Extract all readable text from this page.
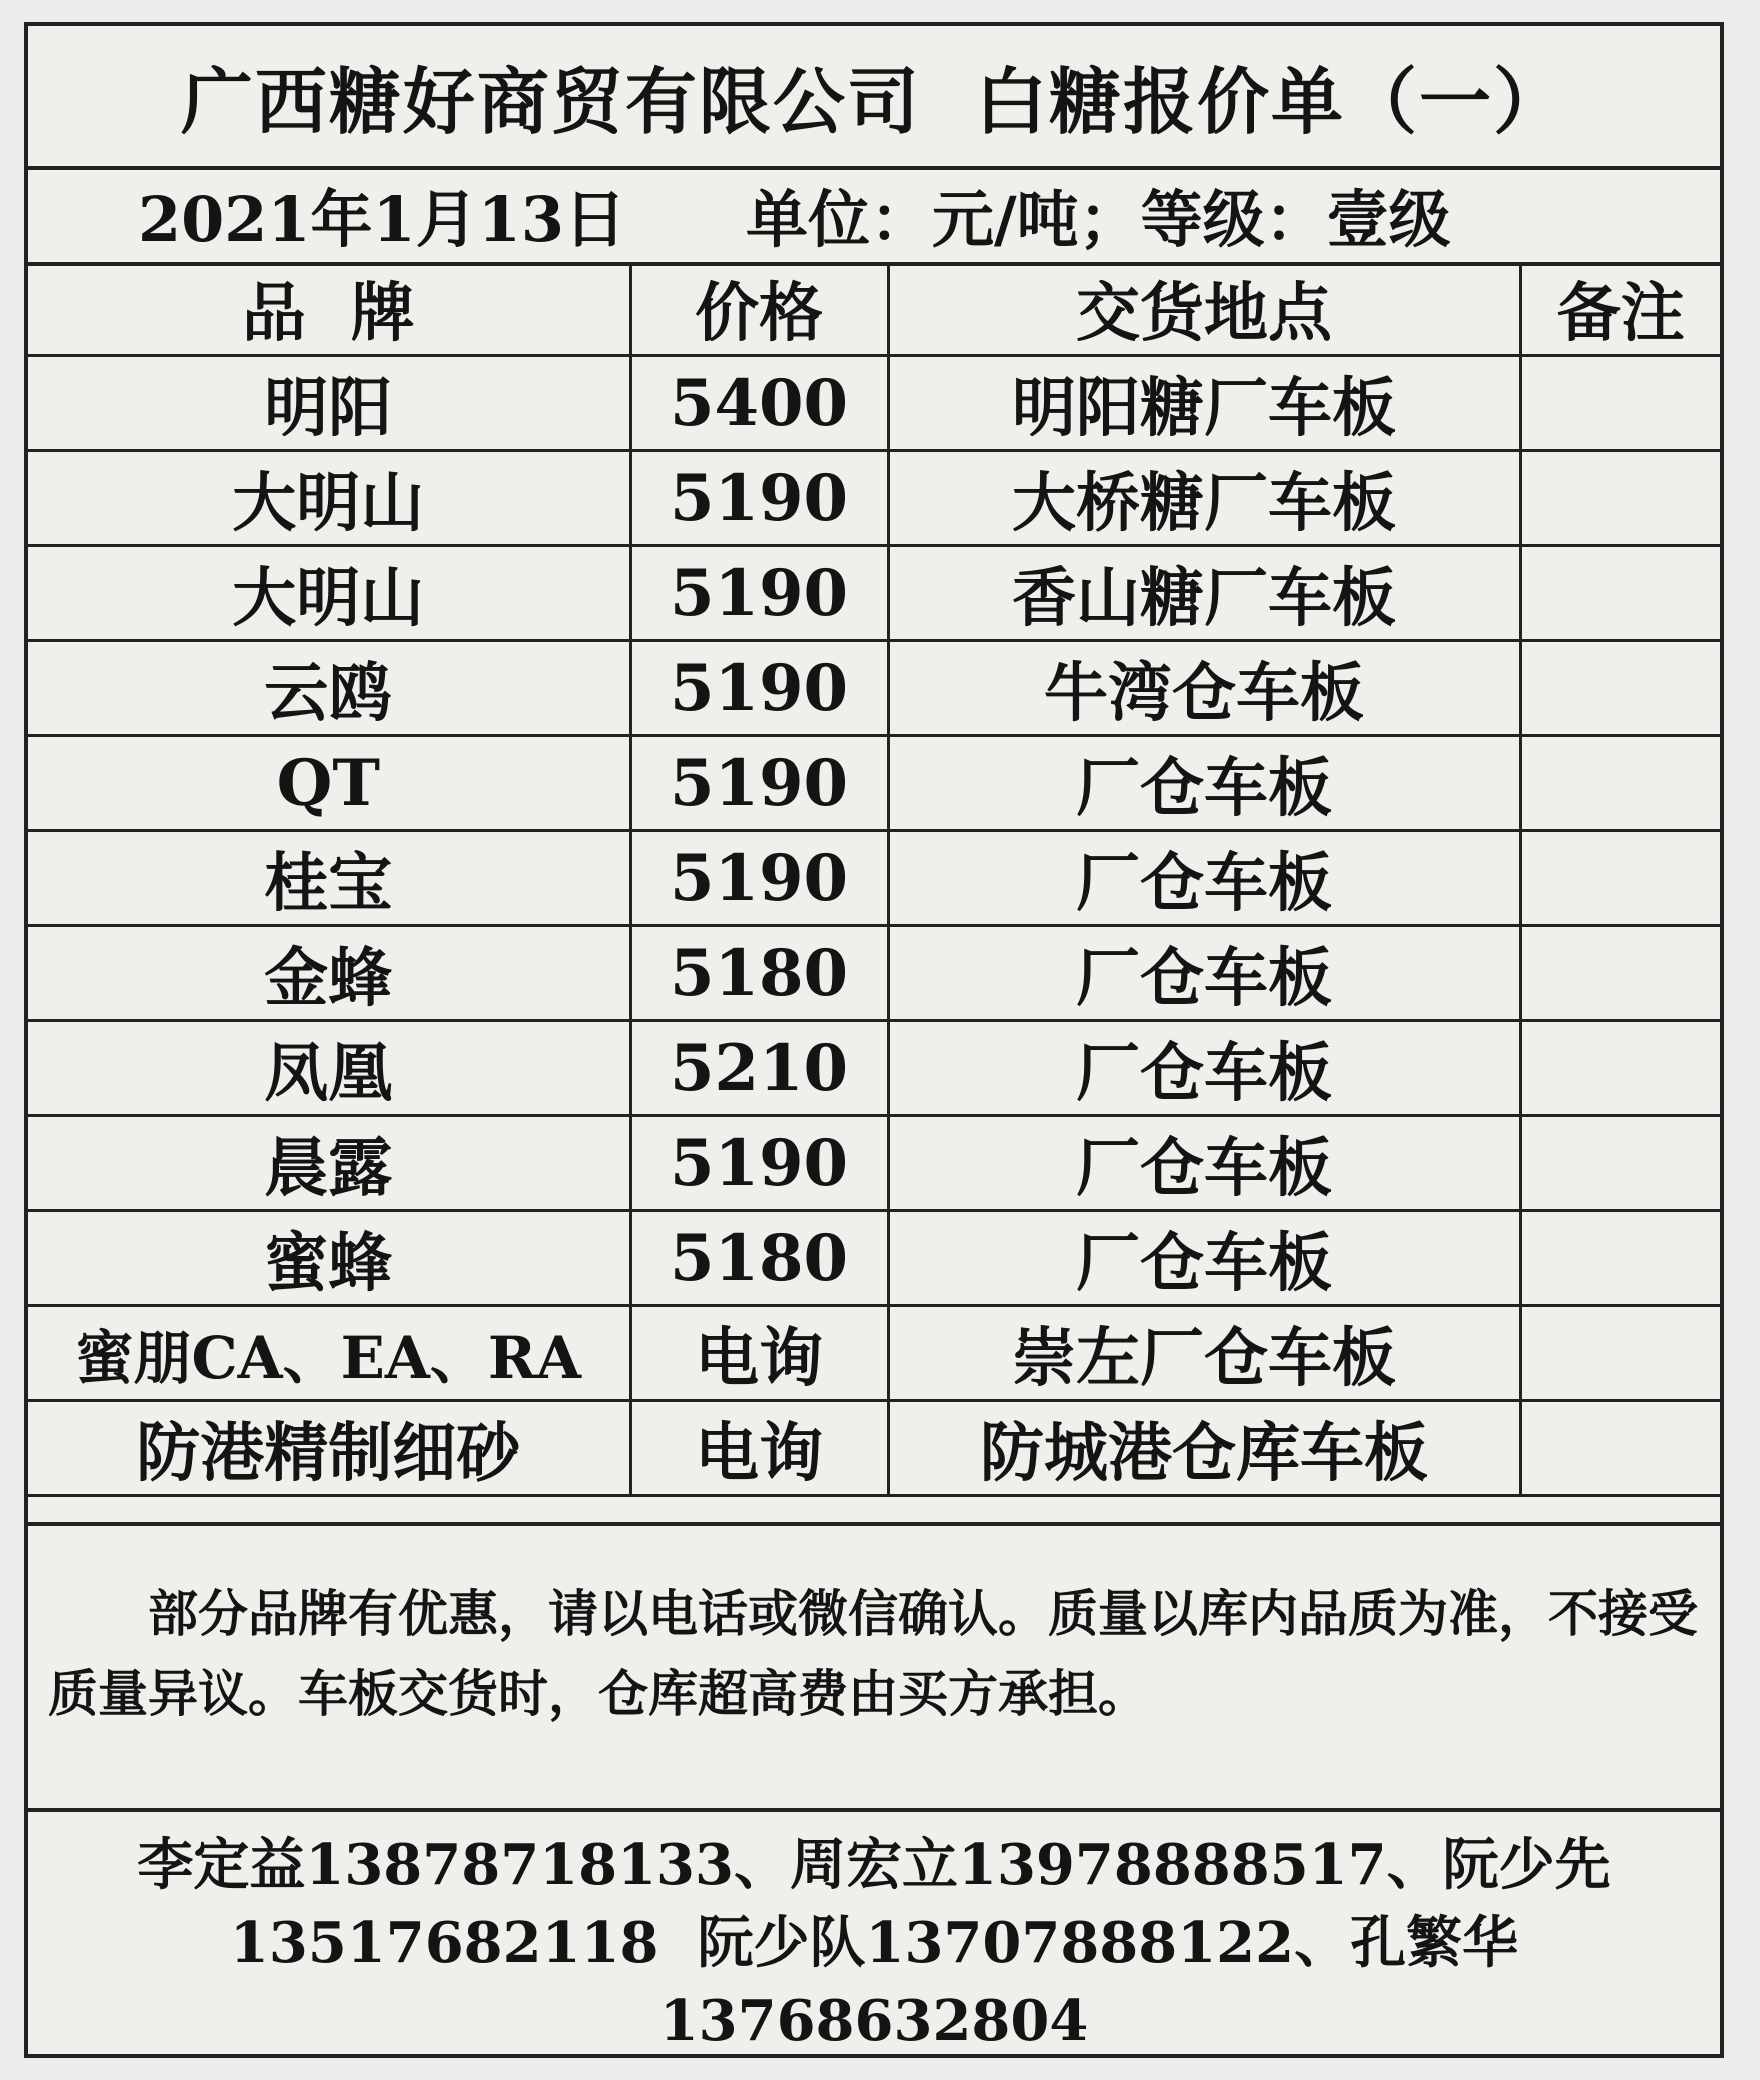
广西糖好商贸有限公司  白糖报价单（一）
2021年1月13日 单位：元/吨；等级：壹级
品  牌	价格	交货地点	备注
明阳	5400	明阳糖厂车板	
大明山	5190	大桥糖厂车板	
大明山	5190	香山糖厂车板	
云鸥	5190	牛湾仓车板	
QT	5190	厂仓车板	
桂宝	5190	厂仓车板	
金蜂	5180	厂仓车板	
凤凰	5210	厂仓车板	
晨露	5190	厂仓车板	
蜜蜂	5180	厂仓车板	
蜜朋CA、EA、RA	电询	崇左厂仓车板	
防港精制细砂	电询	防城港仓库车板	
部分品牌有优惠，请以电话或微信确认。质量以库内品质为准，不接受质量异议。车板交货时，仓库超高费由买方承担。
李定益13878718133、周宏立13978888517、阮少先
13517682118  阮少队13707888122、孔繁华
13768632804
